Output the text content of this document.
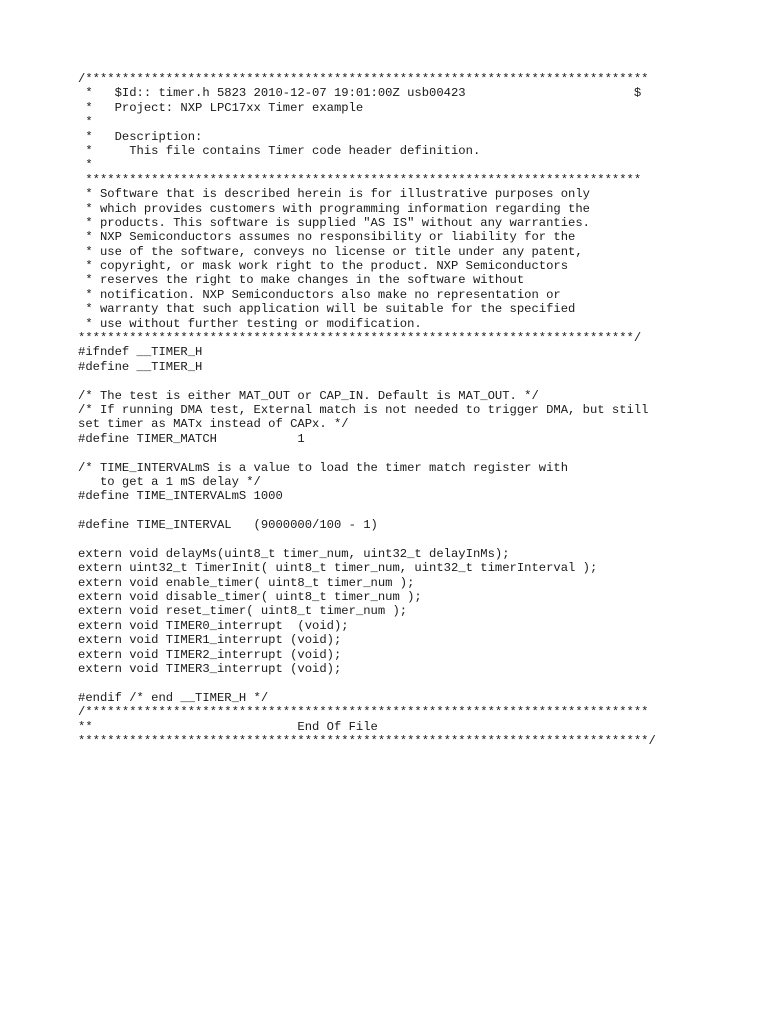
/*****************************************************************************
*   $Id:: timer.h 5823 2010-12-07 19:01:00Z usb00423                       $
*   Project: NXP LPC17xx Timer example
*
*   Description:
*     This file contains Timer code header definition.
*
****************************************************************************
* Software that is described herein is for illustrative purposes only
* which provides customers with programming information regarding the
* products. This software is supplied "AS IS" without any warranties.
* NXP Semiconductors assumes no responsibility or liability for the
* use of the software, conveys no license or title under any patent,
* copyright, or mask work right to the product. NXP Semiconductors
* reserves the right to make changes in the software without
* notification. NXP Semiconductors also make no representation or
* warranty that such application will be suitable for the specified
* use without further testing or modification.
****************************************************************************/
#ifndef __TIMER_H
#define __TIMER_H
/* The test is either MAT_OUT or CAP_IN. Default is MAT_OUT. */
/* If running DMA test, External match is not needed to trigger DMA, but still
set timer as MATx instead of CAPx. */
#define TIMER_MATCH           1
/* TIME_INTERVALmS is a value to load the timer match register with
to get a 1 mS delay */
#define TIME_INTERVALmS 1000
#define TIME_INTERVAL   (9000000/100 - 1)
extern void delayMs(uint8_t timer_num, uint32_t delayInMs);
extern uint32_t TimerInit( uint8_t timer_num, uint32_t timerInterval );
extern void enable_timer( uint8_t timer_num );
extern void disable_timer( uint8_t timer_num );
extern void reset_timer( uint8_t timer_num );
extern void TIMER0_interrupt  (void);
extern void TIMER1_interrupt (void);
extern void TIMER2_interrupt (void);
extern void TIMER3_interrupt (void);
#endif /* end __TIMER_H */
/*****************************************************************************
**                            End Of File
******************************************************************************/
